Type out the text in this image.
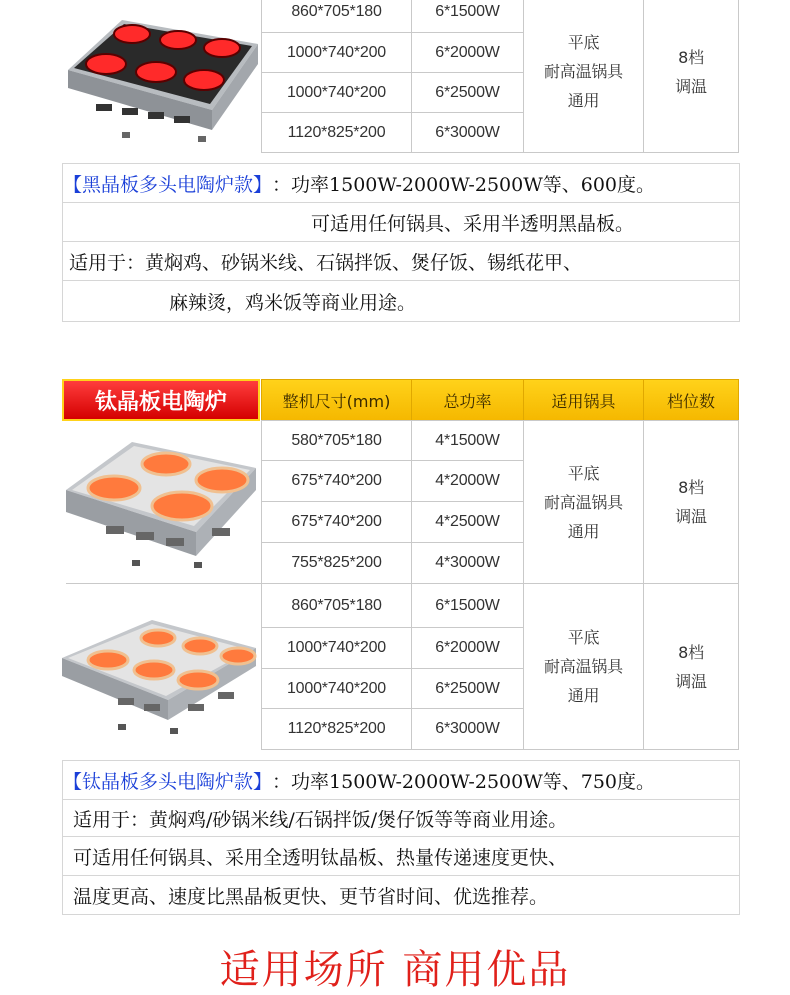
860*705*180	6*1500W
1000*740*200	6*2000W
1000*740*200	6*2500W
1120*825*200	6*3000W
平底
耐高温锅具
通用
8档
调温
【黑晶板多头电陶炉款】 ：功率1500W-2000W-2500W等、600度。
可适用任何锅具、采用半透明黑晶板。
适用于：黄焖鸡、砂锅米线、石锅拌饭、煲仔饭、锡纸花甲、
麻辣烫，鸡米饭等商业用途。
钛晶板电陶炉	整机尺寸(mm)	总功率	适用锅具	档位数
580*705*180	4*1500W
675*740*200	4*2000W
675*740*200	4*2500W
755*825*200	4*3000W
平底
耐高温锅具
通用
8档
调温
860*705*180	6*1500W
1000*740*200	6*2000W
1000*740*200	6*2500W
1120*825*200	6*3000W
平底
耐高温锅具
通用
8档
调温
【钛晶板多头电陶炉款】 ：功率1500W-2000W-2500W等、750度。
适用于：黄焖鸡/砂锅米线/石锅拌饭/煲仔饭等等商业用途。
可适用任何锅具、采用全透明钛晶板、热量传递速度更快、
温度更高、速度比黑晶板更快、更节省时间、优选推荐。
适用场所 商用优品
